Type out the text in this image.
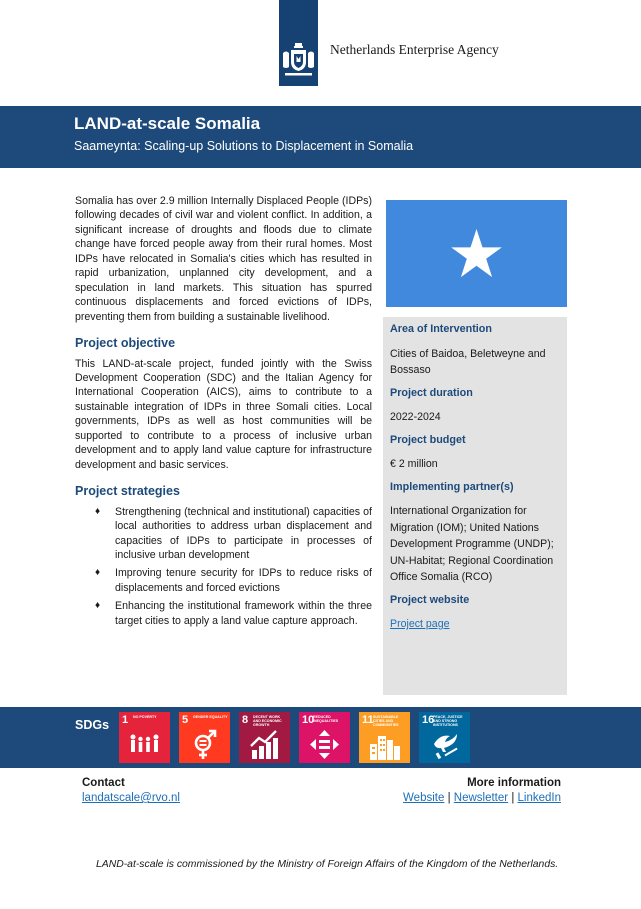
Netherlands Enterprise Agency
LAND-at-scale Somalia
Saameynta: Scaling-up Solutions to Displacement in Somalia

Somalia has over 2.9 million Internally Displaced People (IDPs) following decades of civil war and violent conflict. In addition, a significant increase of droughts and floods due to climate change have forced people away from their rural homes. Most IDPs have relocated in Somalia's cities which has resulted in rapid urbanization, unplanned city development, and a speculation in land markets. This situation has spurred continuous displacements and forced evictions of IDPs, preventing them from building a sustainable livelihood.

Project objective

This LAND-at-scale project, funded jointly with the Swiss Development Cooperation (SDC) and the Italian Agency for International Cooperation (AICS), aims to contribute to a sustainable integration of IDPs in three Somali cities. Local governments, IDPs as well as host communities will be supported to contribute to a process of inclusive urban development and to apply land value capture for infrastructure development and basic services.

Project strategies
♦ Strengthening (technical and institutional) capacities of local authorities to address urban displacement and capacities of IDPs to participate in processes of inclusive urban development
♦ Improving tenure security for IDPs to reduce risks of displacements and forced evictions
♦ Enhancing the institutional framework within the three target cities to apply a land value capture approach.
Area of Intervention
Cities of Baidoa, Beletweyne and Bossaso
Project duration
2022-2024
Project budget
€ 2 million
Implementing partner(s)
International Organization for Migration (IOM); United Nations Development Programme (UNDP); UN-Habitat; Regional Coordination Office Somalia (RCO)
Project website
Project page
SDGs 1 NO POVERTY	5 GENDER EQUALITY 8 DECENT WORK AND ECONOMIC GROWTH	10
REDUCED INEQUALITIES	11 SUSTAINABLE CITIES AND COMMUNITIES	16
PEACE, JUSTICE AND STRONG INSTITUTIONS
Contact
landatscale@rvo.nl
More information
Website | Newsletter | LinkedIn
LAND-at-scale is commissioned by the Ministry of Foreign Affairs of the Kingdom of the Netherlands.
